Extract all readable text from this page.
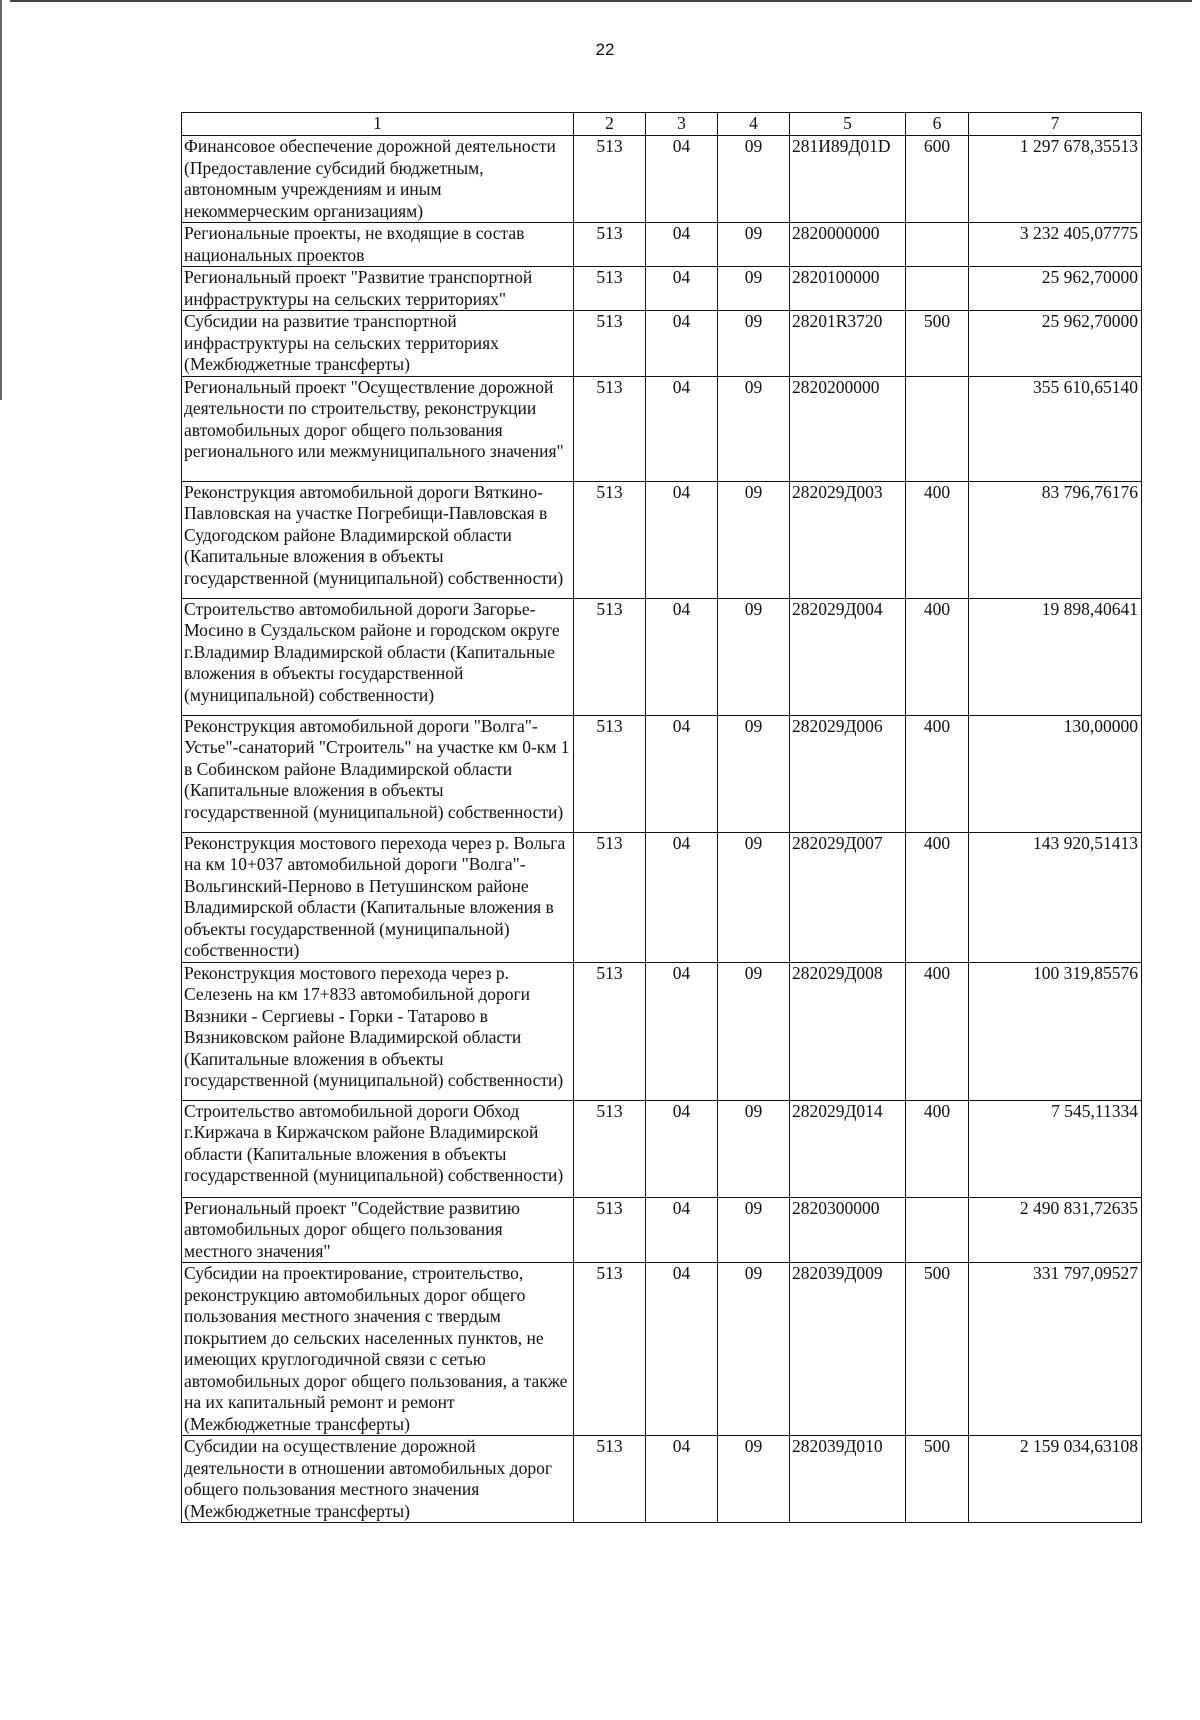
22
1	2	3	4	5	6	7
Финансовое обеспечение дорожной деятельности (Предоставление субсидий бюджетным, автономным учреждениям и иным некоммерческим организациям)	513	04	09	281И89Д01D	600	1 297 678,35513
Региональные проекты, не входящие в состав национальных проектов	513	04	09	2820000000		3 232 405,07775
Региональный проект "Развитие транспортной инфраструктуры на сельских территориях"	513	04	09	2820100000		25 962,70000
Субсидии на развитие транспортной инфраструктуры на сельских территориях (Межбюджетные трансферты)	513	04	09	28201R3720	500	25 962,70000
Региональный проект "Осуществление дорожной деятельности по строительству, реконструкции автомобильных дорог общего пользования регионального или межмуниципального значения"	513	04	09	2820200000		355 610,65140
Реконструкция автомобильной дороги Вяткино-Павловская на участке Погребищи-Павловская в Судогодском районе Владимирской области (Капитальные вложения в объекты государственной (муниципальной) собственности)	513	04	09	282029Д003	400	83 796,76176
Строительство автомобильной дороги Загорье-Мосино в Суздальском районе и городском округе г.Владимир Владимирской области (Капитальные вложения в объекты государственной (муниципальной) собственности)	513	04	09	282029Д004	400	19 898,40641
Реконструкция автомобильной дороги "Волга"-Устье"-санаторий "Строитель" на участке км 0-км 1 в Собинском районе Владимирской области (Капитальные вложения в объекты государственной (муниципальной) собственности)	513	04	09	282029Д006	400	130,00000
Реконструкция мостового перехода через р. Вольга на км 10+037 автомобильной дороги "Волга"-Вольгинский-Перново в Петушинском районе Владимирской области (Капитальные вложения в объекты государственной (муниципальной) собственности)	513	04	09	282029Д007	400	143 920,51413
Реконструкция мостового перехода через р. Селезень на км 17+833 автомобильной дороги Вязники - Сергиевы - Горки - Татарово в Вязниковском районе Владимирской области (Капитальные вложения в объекты государственной (муниципальной) собственности)	513	04	09	282029Д008	400	100 319,85576
Строительство автомобильной дороги Обход г.Киржача в Киржачском районе Владимирской области (Капитальные вложения в объекты государственной (муниципальной) собственности)	513	04	09	282029Д014	400	7 545,11334
Региональный проект "Содействие развитию автомобильных дорог общего пользования местного значения"	513	04	09	2820300000		2 490 831,72635
Субсидии на проектирование, строительство, реконструкцию автомобильных дорог общего пользования местного значения с твердым покрытием до сельских населенных пунктов, не имеющих круглогодичной связи с сетью автомобильных дорог общего пользования, а также на их капитальный ремонт и ремонт (Межбюджетные трансферты)	513	04	09	282039Д009	500	331 797,09527
Субсидии на осуществление дорожной деятельности в отношении автомобильных дорог общего пользования местного значения (Межбюджетные трансферты)	513	04	09	282039Д010	500	2 159 034,63108
